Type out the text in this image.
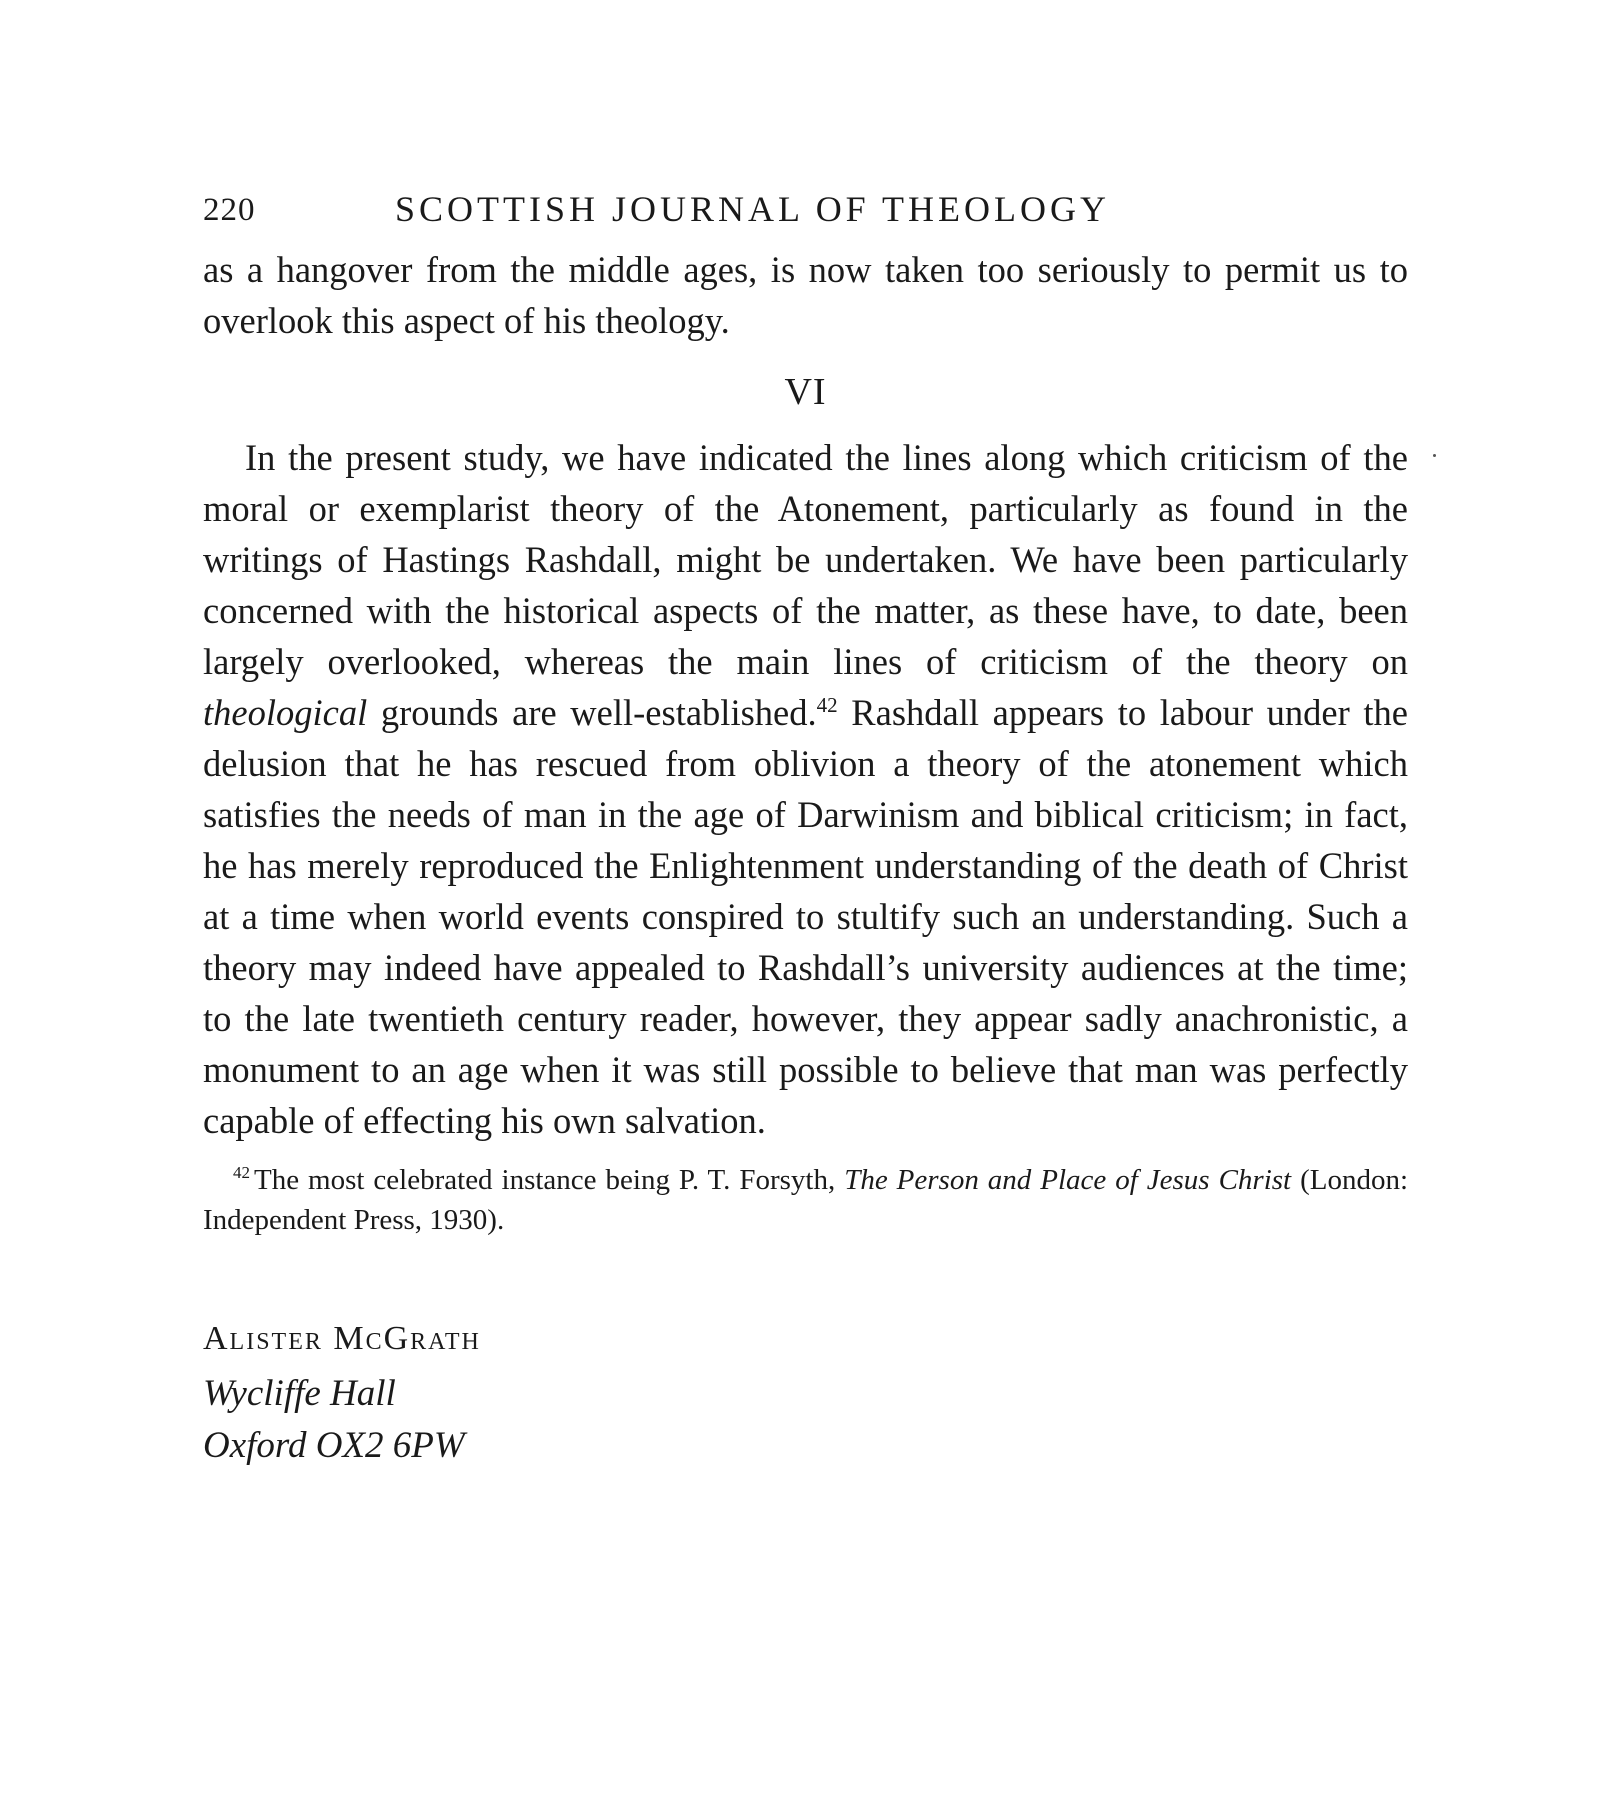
220	SCOTTISH JOURNAL OF THEOLOGY

as a hangover from the middle ages, is now taken too seriously to permit us to overlook this aspect of his theology.

VI

In the present study, we have indicated the lines along which criticism of the moral or exemplarist theory of the Atonement, particularly as found in the writings of Hastings Rashdall, might be undertaken. We have been particularly concerned with the historical aspects of the matter, as these have, to date, been largely overlooked, whereas the main lines of criticism of the theory on theological grounds are well-established.$^{42}$ Rashdall appears to labour under the delusion that he has rescued from oblivion a theory of the atonement which satisfies the needs of man in the age of Darwinism and biblical criticism; in fact, he has merely reproduced the Enlightenment understanding of the death of Christ at a time when world events conspired to stultify such an understanding. Such a theory may indeed have appealed to Rashdall’s university audiences at the time; to the late twentieth century reader, however, they appear sadly anachronistic, a monument to an age when it was still possible to believe that man was perfectly capable of effecting his own salvation.

$^{42}$ The most celebrated instance being P. T. Forsyth, The Person and Place of Jesus Christ (London: Independent Press, 1930).

Alister McGrath
Wycliffe Hall
Oxford OX2 6PW
